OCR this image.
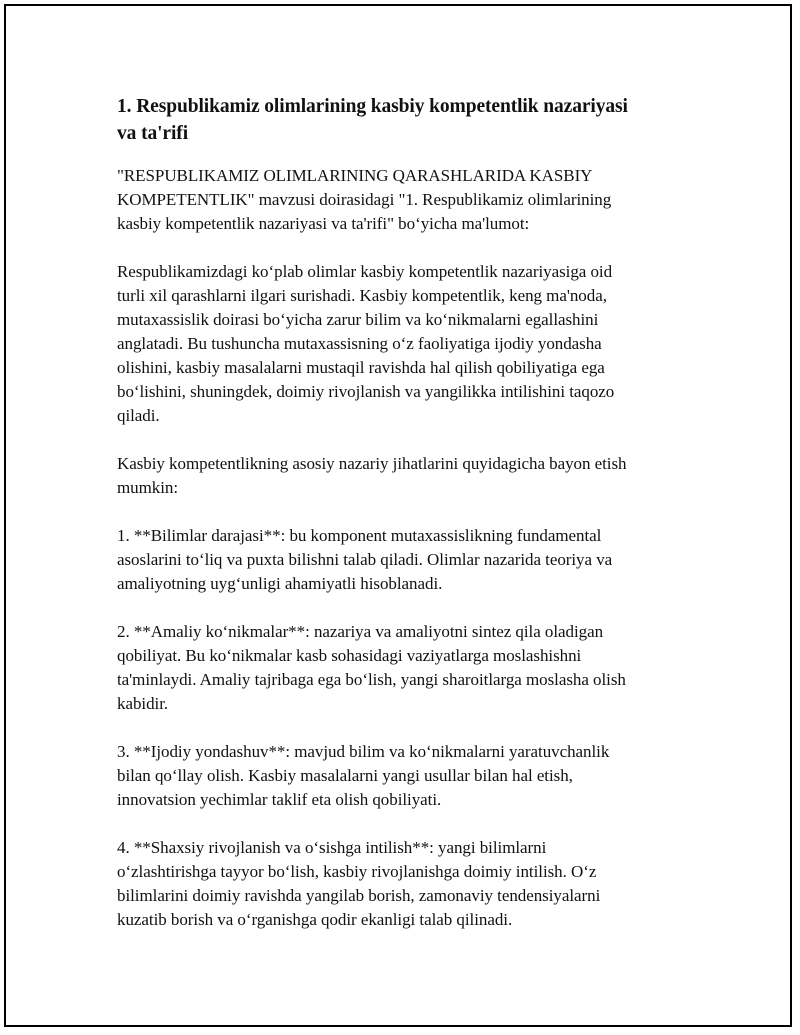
1. Respublikamiz olimlarining kasbiy kompetentlik nazariyasi
va ta'rifi

"RESPUBLIKAMIZ OLIMLARINING QARASHLARIDA KASBIY
KOMPETENTLIK" mavzusi doirasidagi "1. Respublikamiz olimlarining
kasbiy kompetentlik nazariyasi va ta'rifi" bo‘yicha ma'lumot:

Respublikamizdagi ko‘plab olimlar kasbiy kompetentlik nazariyasiga oid
turli xil qarashlarni ilgari surishadi. Kasbiy kompetentlik, keng ma'noda,
mutaxassislik doirasi bo‘yicha zarur bilim va ko‘nikmalarni egallashini
anglatadi. Bu tushuncha mutaxassisning o‘z faoliyatiga ijodiy yondasha
olishini, kasbiy masalalarni mustaqil ravishda hal qilish qobiliyatiga ega
bo‘lishini, shuningdek, doimiy rivojlanish va yangilikka intilishini taqozo
qiladi.

Kasbiy kompetentlikning asosiy nazariy jihatlarini quyidagicha bayon etish
mumkin:

1. **Bilimlar darajasi**: bu komponent mutaxassislikning fundamental
asoslarini to‘liq va puxta bilishni talab qiladi. Olimlar nazarida teoriya va
amaliyotning uyg‘unligi ahamiyatli hisoblanadi.

2. **Amaliy ko‘nikmalar**: nazariya va amaliyotni sintez qila oladigan
qobiliyat. Bu ko‘nikmalar kasb sohasidagi vaziyatlarga moslashishni
ta'minlaydi. Amaliy tajribaga ega bo‘lish, yangi sharoitlarga moslasha olish
kabidir.

3. **Ijodiy yondashuv**: mavjud bilim va ko‘nikmalarni yaratuvchanlik
bilan qo‘llay olish. Kasbiy masalalarni yangi usullar bilan hal etish,
innovatsion yechimlar taklif eta olish qobiliyati.

4. **Shaxsiy rivojlanish va o‘sishga intilish**: yangi bilimlarni
o‘zlashtirishga tayyor bo‘lish, kasbiy rivojlanishga doimiy intilish. O‘z
bilimlarini doimiy ravishda yangilab borish, zamonaviy tendensiyalarni
kuzatib borish va o‘rganishga qodir ekanligi talab qilinadi.
